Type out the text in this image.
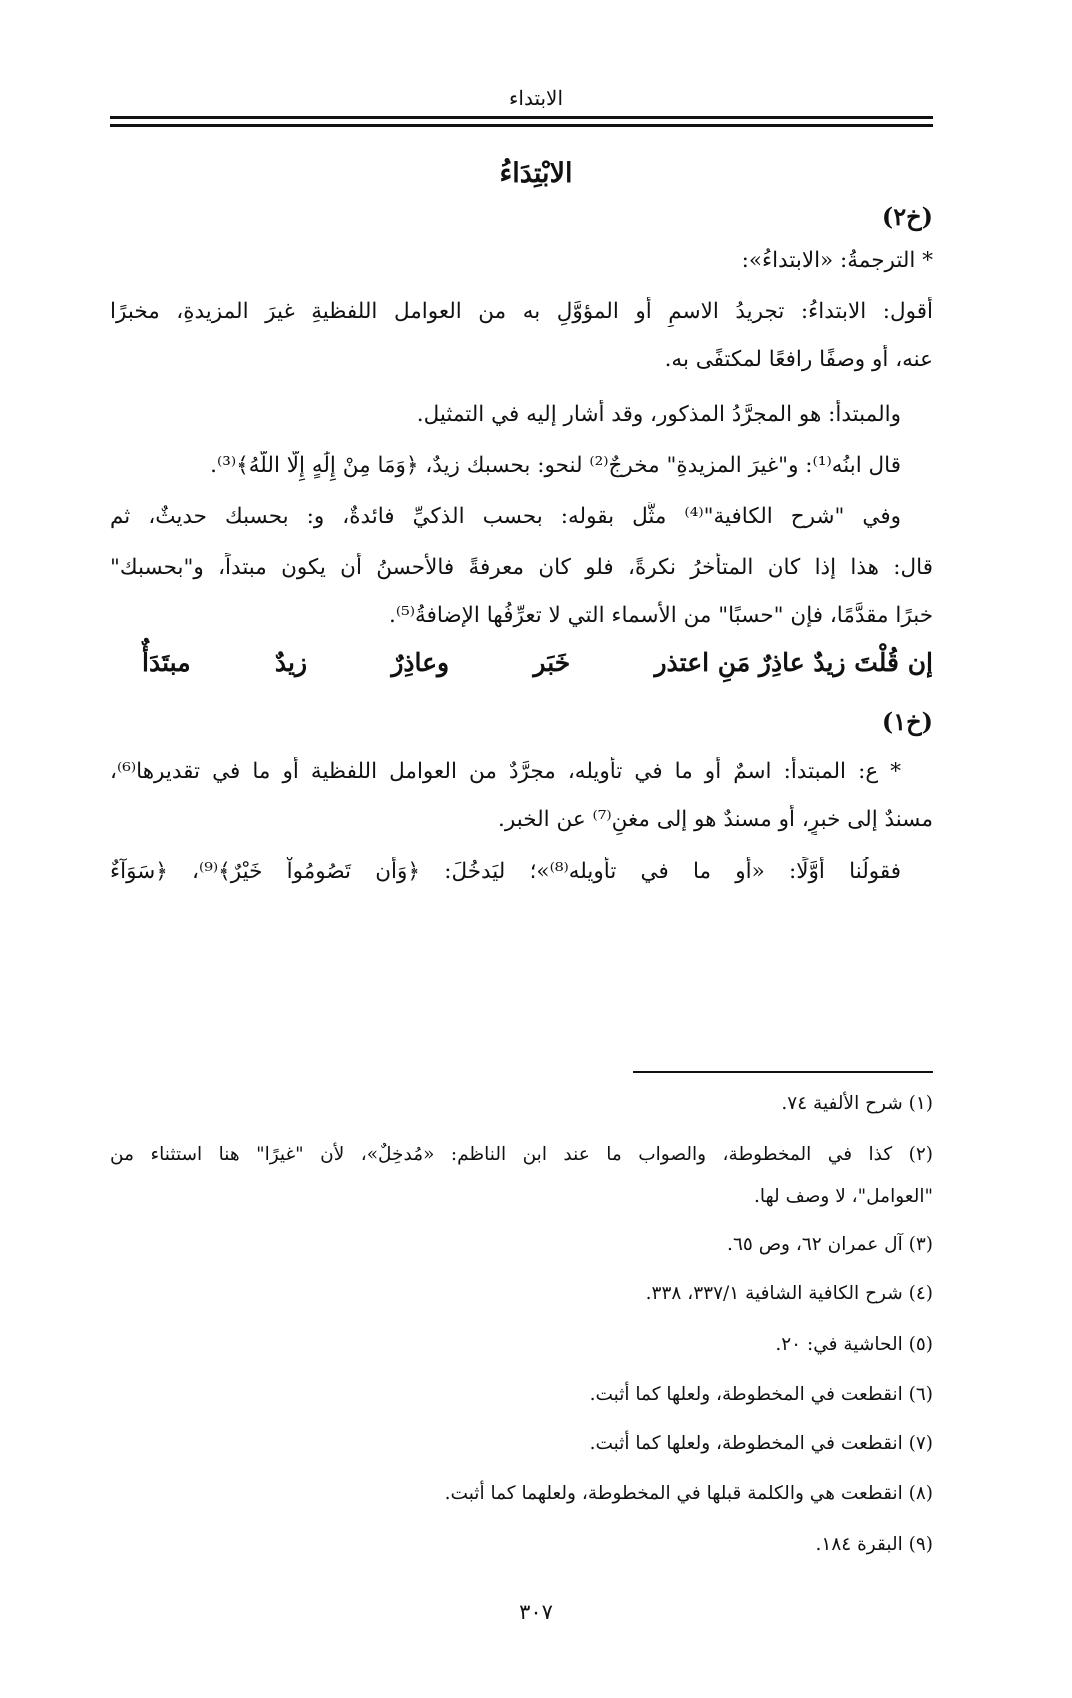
الابتداء
الابْتِدَاءُ
(خ٢)
* الترجمةُ: «الابتداءُ»:
أقول: الابتداءُ: تجريدُ الاسمِ أو المؤوَّلِ به من العوامل اللفظيةِ غيرَ المزيدةِ، مخبرًا
عنه، أو وصفًا رافعًا لمكتفًى به.
والمبتدأُ: هو المجرَّدُ المذكور، وقد أشار إليه في التمثيل.
قال ابنُه⁽¹⁾: و"غيرَ المزيدةِ" مخرجٌ⁽²⁾ لنحو: بحسبك زيدٌ، ﴿وَمَا مِنْ إِلَٰهٍ إِلَّا اللَّهُ﴾⁽³⁾.
وفي "شرح الكافية"⁽⁴⁾ مثَّل بقوله: بحسب الذكيِّ فائدةٌ، و: بحسبك حديثٌ، ثم
قال: هذا إذا كان المتأخرُ نكرةً، فلو كان معرفةً فالأحسنُ أن يكون مبتداً، و"بحسبك"
خبرًا مقدَّمًا، فإن "حسبًا" من الأسماء التي لا تعرِّفُها الإضافةُ⁽⁵⁾.
مبتَدَأٌ	زيدٌ	وعاذِرٌ	خَبَر	إن قُلْتَ زيدٌ عاذِرٌ مَنِ اعتذر
(خ١)
* ع: المبتدأُ: اسمٌ أو ما في تأويله، مجرَّدٌ من العوامل اللفظية أو ما في تقديرها⁽⁶⁾،
مسندٌ إلى خبرٍ، أو مسندٌ هو إلى مغنٍ⁽⁷⁾ عن الخبر.
فقولُنا أوَّلًا: «أو ما في تأويله⁽⁸⁾»؛ ليَدخُلَ: ﴿وَأَن تَصُومُواْ خَيْرٌ﴾⁽⁹⁾، ﴿سَوَآءٌ
(١) شرح الألفية ٧٤.
(٢) كذا في المخطوطة، والصواب ما عند ابن الناظم: «مُدخِلٌ»، لأن "غيرًا" هنا استثناء من
"العوامل"، لا وصف لها.
(٣) آل عمران ٦٢، وص ٦٥.
(٤) شرح الكافية الشافية ٣٣٧/١، ٣٣٨.
(٥) الحاشية في: ٢٠.
(٦) انقطعت في المخطوطة، ولعلها كما أثبت.
(٧) انقطعت في المخطوطة، ولعلها كما أثبت.
(٨) انقطعت هي والكلمة قبلها في المخطوطة، ولعلهما كما أثبت.
(٩) البقرة ١٨٤.
٣٠٧
